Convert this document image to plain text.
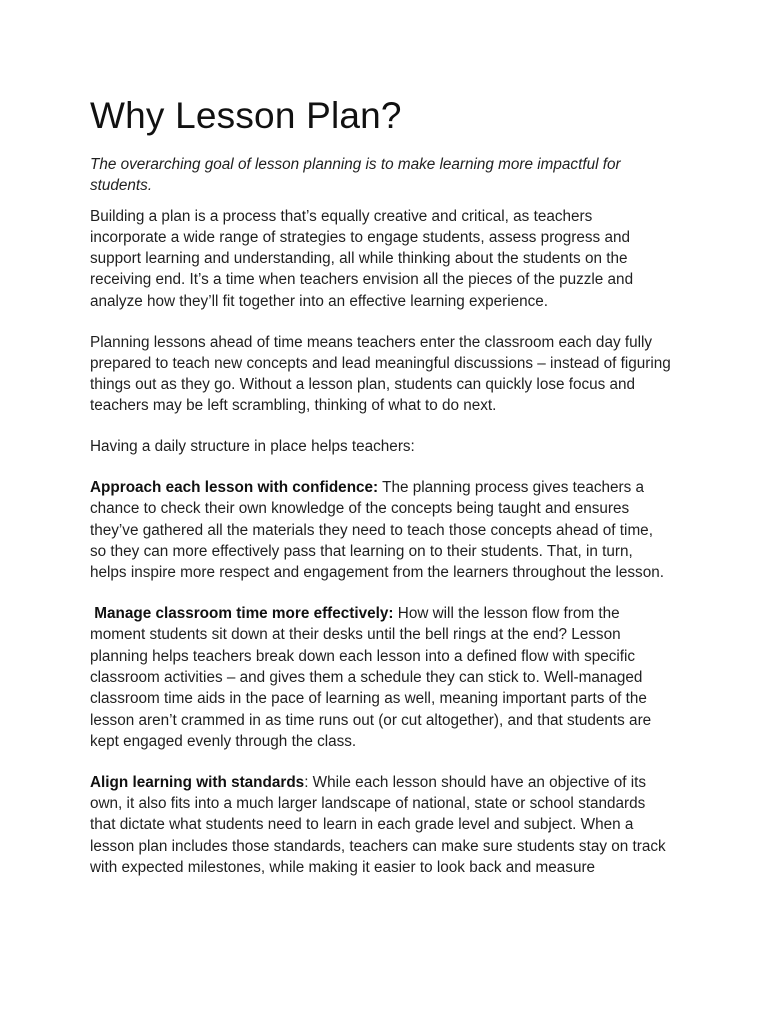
Why Lesson Plan?

The overarching goal of lesson planning is to make learning more impactful for students.

Building a plan is a process that’s equally creative and critical, as teachers incorporate a wide range of strategies to engage students, assess progress and support learning and understanding, all while thinking about the students on the receiving end. It’s a time when teachers envision all the pieces of the puzzle and analyze how they’ll fit together into an effective learning experience.

Planning lessons ahead of time means teachers enter the classroom each day fully prepared to teach new concepts and lead meaningful discussions – instead of figuring things out as they go. Without a lesson plan, students can quickly lose focus and teachers may be left scrambling, thinking of what to do next.

Having a daily structure in place helps teachers:

Approach each lesson with confidence: The planning process gives teachers a chance to check their own knowledge of the concepts being taught and ensures they’ve gathered all the materials they need to teach those concepts ahead of time, so they can more effectively pass that learning on to their students. That, in turn, helps inspire more respect and engagement from the learners throughout the lesson.

Manage classroom time more effectively: How will the lesson flow from the moment students sit down at their desks until the bell rings at the end? Lesson planning helps teachers break down each lesson into a defined flow with specific classroom activities – and gives them a schedule they can stick to. Well-managed classroom time aids in the pace of learning as well, meaning important parts of the lesson aren’t crammed in as time runs out (or cut altogether), and that students are kept engaged evenly through the class.

Align learning with standards: While each lesson should have an objective of its own, it also fits into a much larger landscape of national, state or school standards that dictate what students need to learn in each grade level and subject. When a lesson plan includes those standards, teachers can make sure students stay on track with expected milestones, while making it easier to look back and measure
